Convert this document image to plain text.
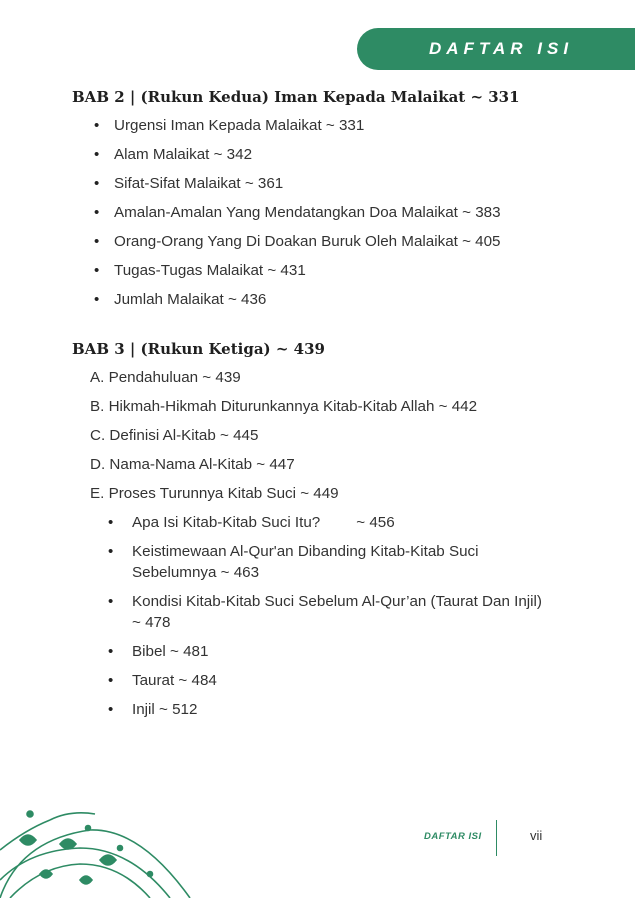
DAFTAR ISI
BAB 2 | (Rukun Kedua) Iman Kepada Malaikat ~ 331
• Urgensi Iman Kepada Malaikat ~ 331
• Alam Malaikat ~ 342
• Sifat-Sifat Malaikat ~ 361
• Amalan-Amalan Yang Mendatangkan Doa Malaikat ~ 383
• Orang-Orang Yang Di Doakan Buruk Oleh Malaikat ~ 405
• Tugas-Tugas Malaikat ~ 431
• Jumlah Malaikat ~ 436
BAB 3 | (Rukun Ketiga) ~ 439
A. Pendahuluan ~ 439
B. Hikmah-Hikmah Diturunkannya Kitab-Kitab Allah ~ 442
C. Definisi Al-Kitab ~ 445
D. Nama-Nama Al-Kitab ~ 447
E. Proses Turunnya Kitab Suci ~ 449
• Apa Isi Kitab-Kitab Suci Itu? ~ 456
• Keistimewaan Al-Qur'an Dibanding Kitab-Kitab Suci Sebelumnya ~ 463
• Kondisi Kitab-Kitab Suci Sebelum Al-Qur’an (Taurat Dan Injil) ~ 478
• Bibel ~ 481
• Taurat ~ 484
• Injil ~ 512
DAFTAR ISI	vii
